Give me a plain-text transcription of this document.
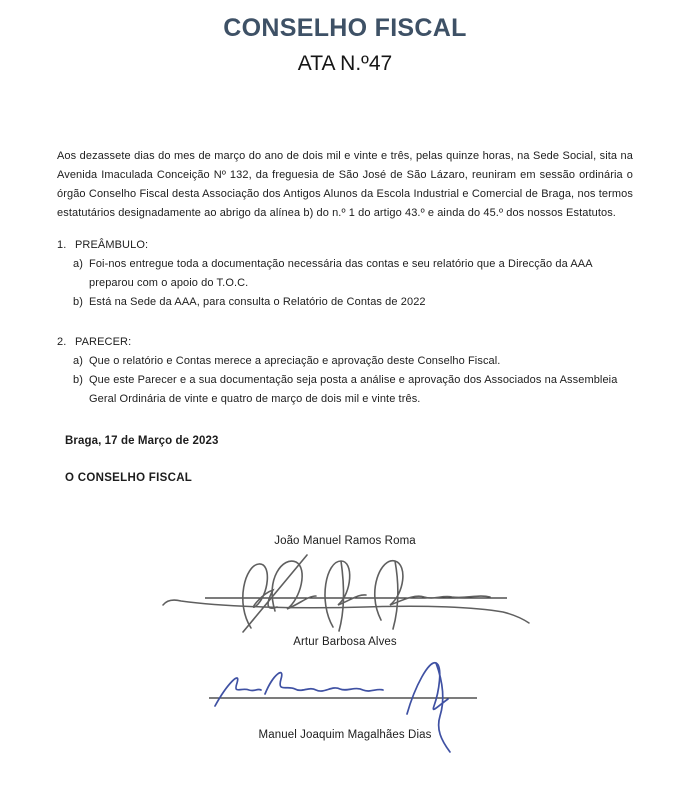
CONSELHO FISCAL
ATA N.º47

Aos dezassete dias do mes de março do ano de dois mil e vinte e três, pelas quinze horas, na Sede Social, sita na Avenida Imaculada Conceição Nº 132, da freguesia de São José de São Lázaro, reuniram em sessão ordinária o órgão Conselho Fiscal desta Associação dos Antigos Alunos da Escola Industrial e Comercial de Braga, nos termos estatutários designadamente ao abrigo da alínea b) do n.º 1 do artigo 43.º e ainda do 45.º dos nossos Estatutos.

1. PREÂMBULO:
a) Foi-nos entregue toda a documentação necessária das contas e seu relatório que a Direcção da AAA preparou com o apoio do T.O.C.
b) Está na Sede da AAA, para consulta o Relatório de Contas de 2022
2. PARECER:
a) Que o relatório e Contas merece a apreciação e aprovação deste Conselho Fiscal.
b) Que este Parecer e a sua documentação seja posta a análise e aprovação dos Associados na Assembleia Geral Ordinária de vinte e quatro de março de dois mil e vinte três.
Braga, 17 de Março de 2023
O CONSELHO FISCAL
João Manuel Ramos Roma
Artur Barbosa Alves
Manuel Joaquim Magalhães Dias
